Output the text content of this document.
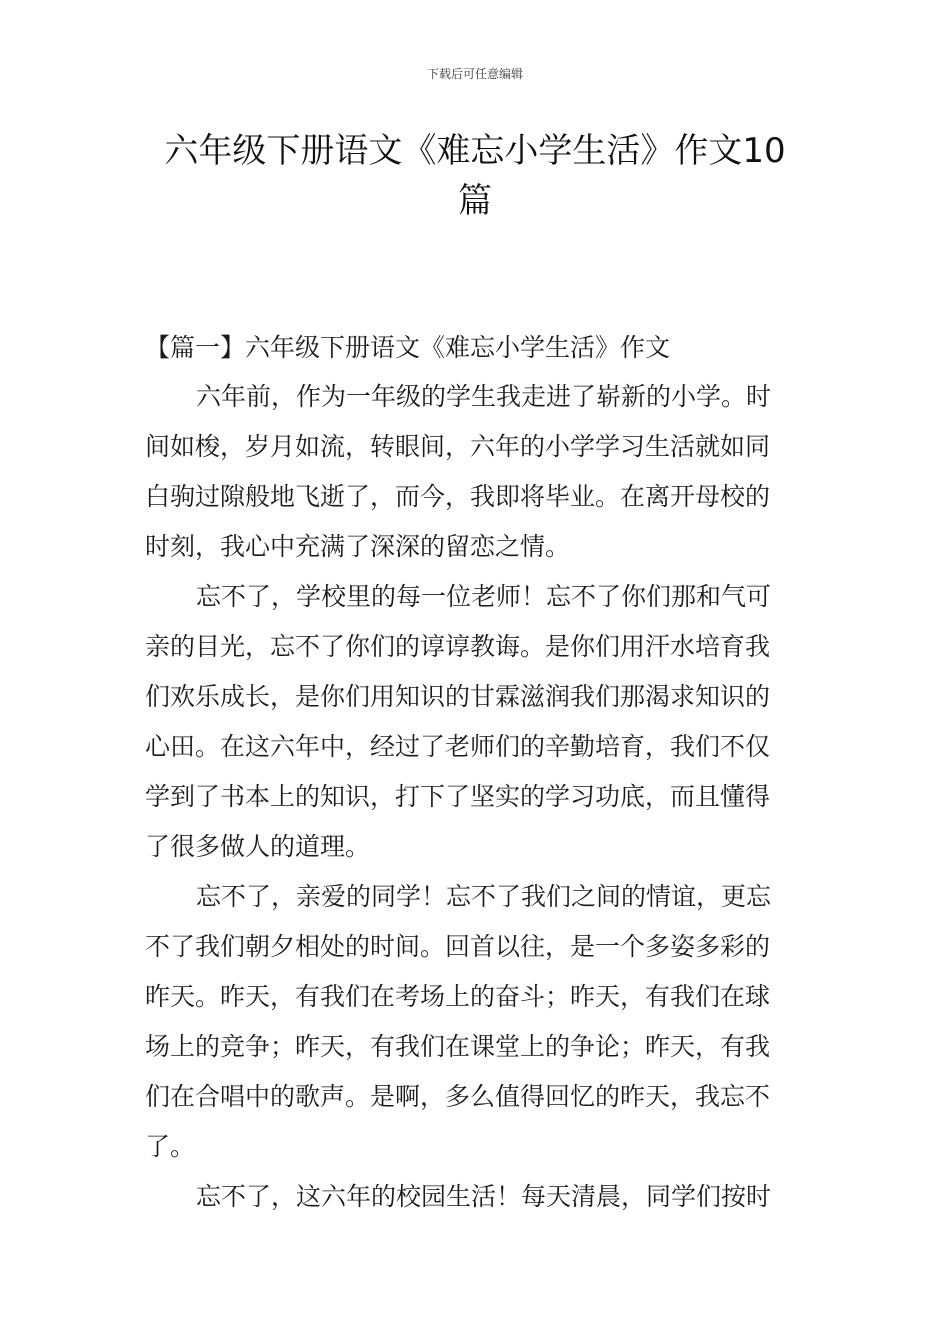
下载后可任意编辑
六年级下册语文《难忘小学生活》作文10
篇
【篇一】六年级下册语文《难忘小学生活》作文

六年前，作为一年级的学生我走进了崭新的小学。时
间如梭，岁月如流，转眼间，六年的小学学习生活就如同
白驹过隙般地飞逝了，而今，我即将毕业。在离开母校的
时刻，我心中充满了深深的留恋之情。

忘不了，学校里的每一位老师！忘不了你们那和气可
亲的目光，忘不了你们的谆谆教诲。是你们用汗水培育我
们欢乐成长，是你们用知识的甘霖滋润我们那渴求知识的
心田。在这六年中，经过了老师们的辛勤培育，我们不仅
学到了书本上的知识，打下了坚实的学习功底，而且懂得
了很多做人的道理。

忘不了，亲爱的同学！忘不了我们之间的情谊，更忘
不了我们朝夕相处的时间。回首以往，是一个多姿多彩的
昨天。昨天，有我们在考场上的奋斗；昨天，有我们在球
场上的竞争；昨天，有我们在课堂上的争论；昨天，有我
们在合唱中的歌声。是啊，多么值得回忆的昨天，我忘不
了。

忘不了，这六年的校园生活！每天清晨，同学们按时
